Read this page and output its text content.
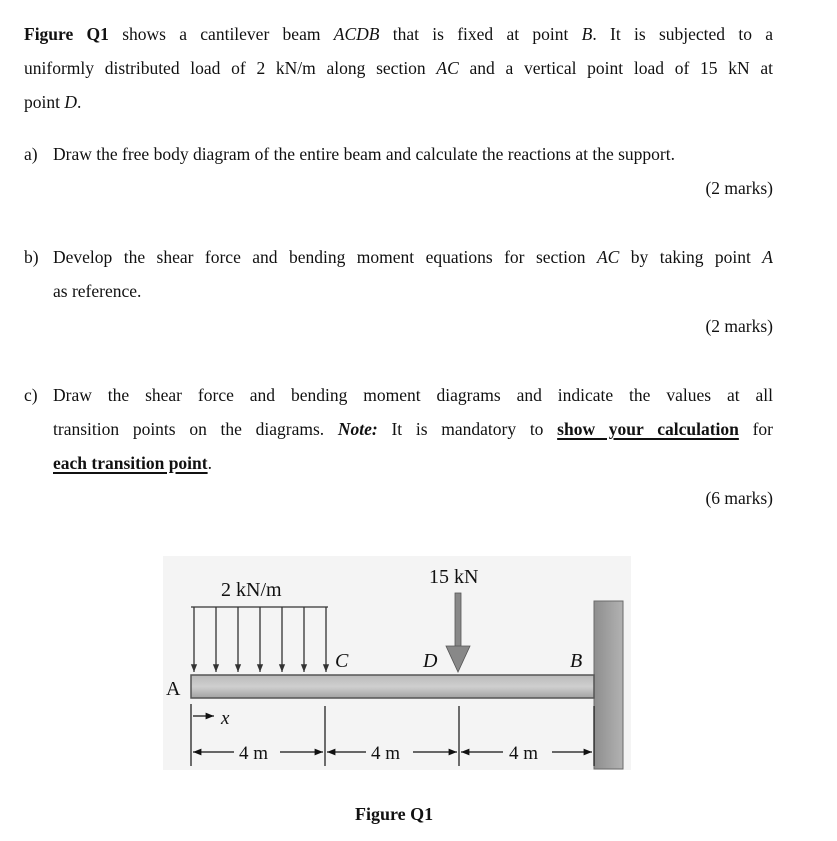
Figure Q1 shows a cantilever beam ACDB that is fixed at point B. It is subjected to a
uniformly distributed load of 2 kN/m along section AC and a vertical point load of 15 kN at
point D.
a) Draw the free body diagram of the entire beam and calculate the reactions at the support.
(2 marks)
b) Develop the shear force and bending moment equations for section AC by taking point A
as reference.
(2 marks)
c) Draw the shear force and bending moment diagrams and indicate the values at all
transition points on the diagrams. Note: It is mandatory to show your calculation for
each transition point.
(6 marks)
2 kN/m
15 kN
A
C	D	B
x
4 m	4 m	4 m
Figure Q1
